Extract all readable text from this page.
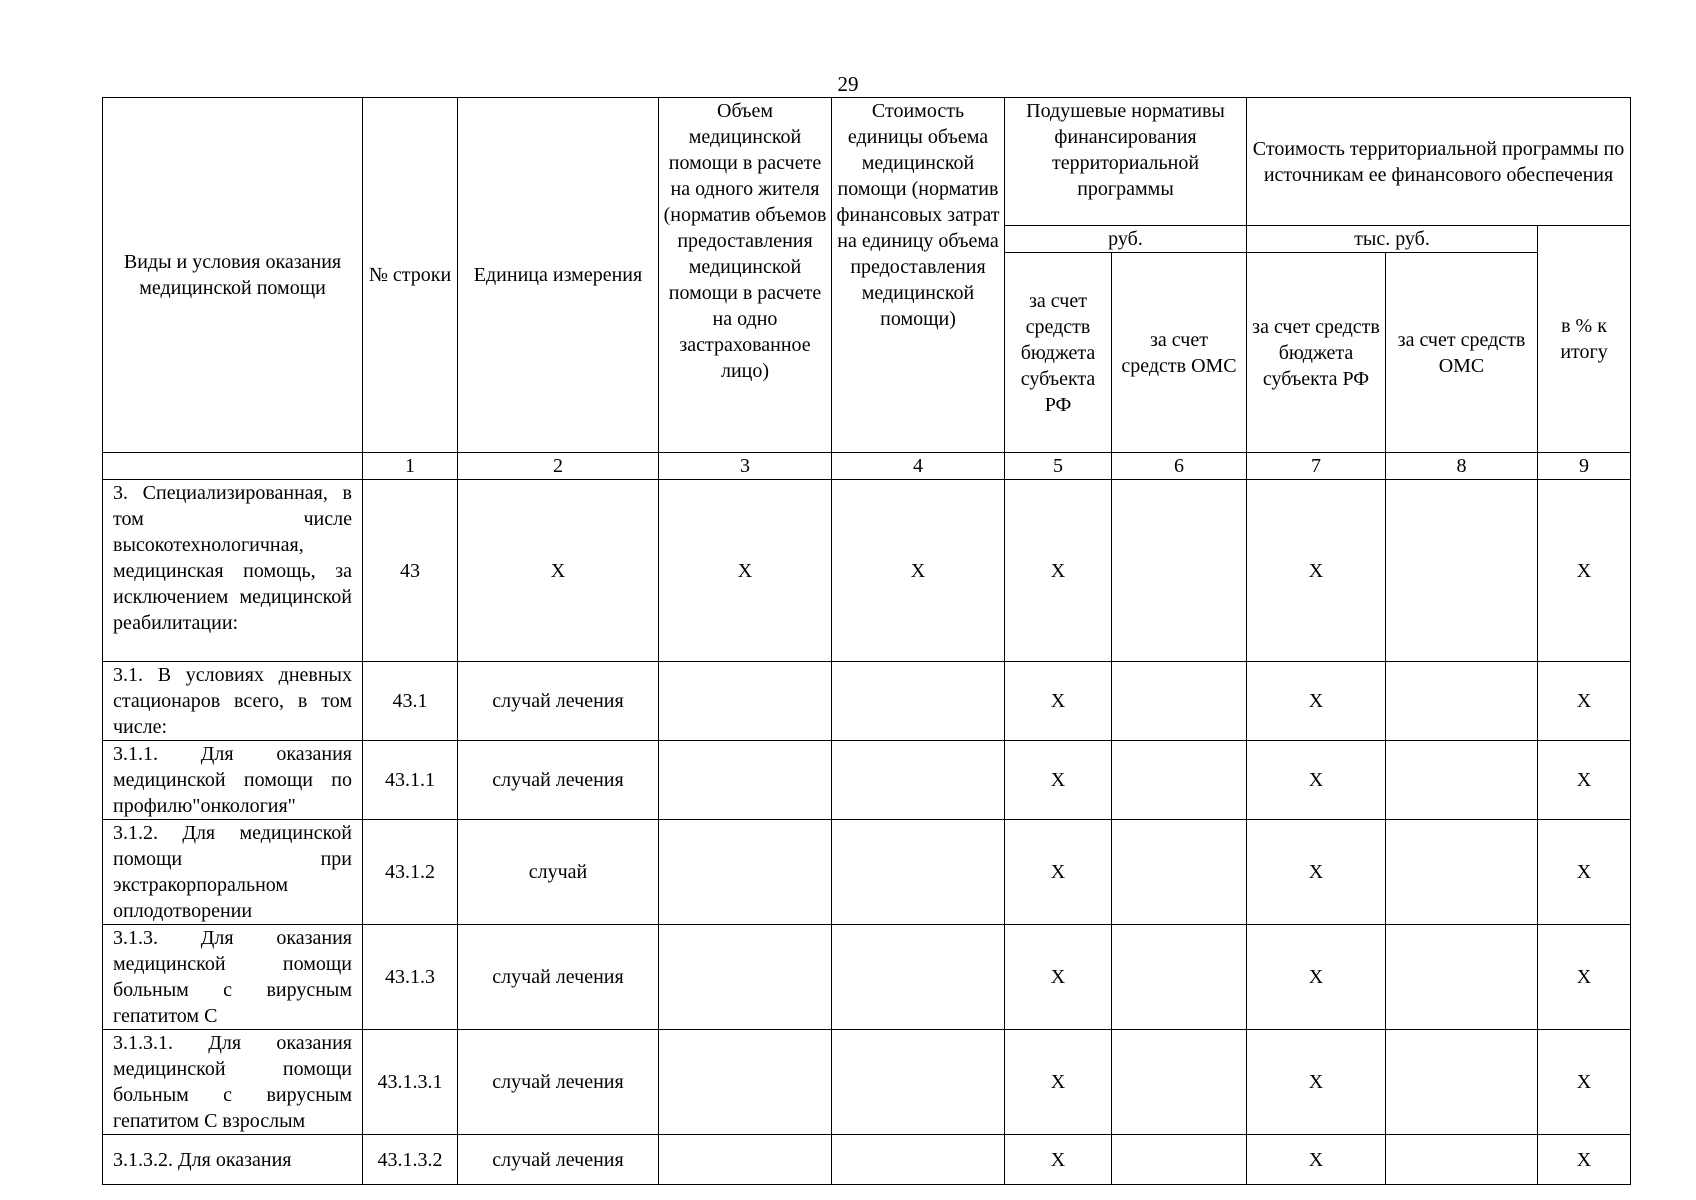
29
Виды и условия оказания медицинской помощи	№ строки	Единица измерения	Объем медицинской помощи в расчете на одного жителя (норматив объемов предоставления медицинской помощи в расчете на одно застрахованное лицо)	Стоимость единицы объема медицинской помощи (норматив финансовых затрат на единицу объема предоставления медицинской помощи)	Подушевые нормативы финансирования территориальной программы		Стоимость территориальной программы по источникам ее финансового обеспечения		
					руб.		тыс. руб.		в % к итогу
					за счет средств бюджета субъекта РФ	за счет средств ОМС	за счет средств бюджета субъекта РФ	за счет средств ОМС	
	1	2	3	4	5	6	7	8	9
3. Специализированная, в том числе высокотехнологичная, медицинская помощь, за исключением медицинской реабилитации:	43	X	X	X	X		X		X
3.1. В условиях дневных стационаров всего, в том числе:	43.1	случай лечения			X		X		X
3.1.1. Для оказания медицинской помощи по профилю"онкология"	43.1.1	случай лечения			X		X		X
3.1.2. Для медицинской помощи при экстракорпоральном оплодотворении	43.1.2	случай			X		X		X
3.1.3. Для оказания медицинской помощи больным с вирусным гепатитом С	43.1.3	случай лечения			X		X		X
3.1.3.1. Для оказания медицинской помощи больным с вирусным гепатитом С взрослым	43.1.3.1	случай лечения			X		X		X
3.1.3.2. Для оказания	43.1.3.2	случай лечения			X		X		X
